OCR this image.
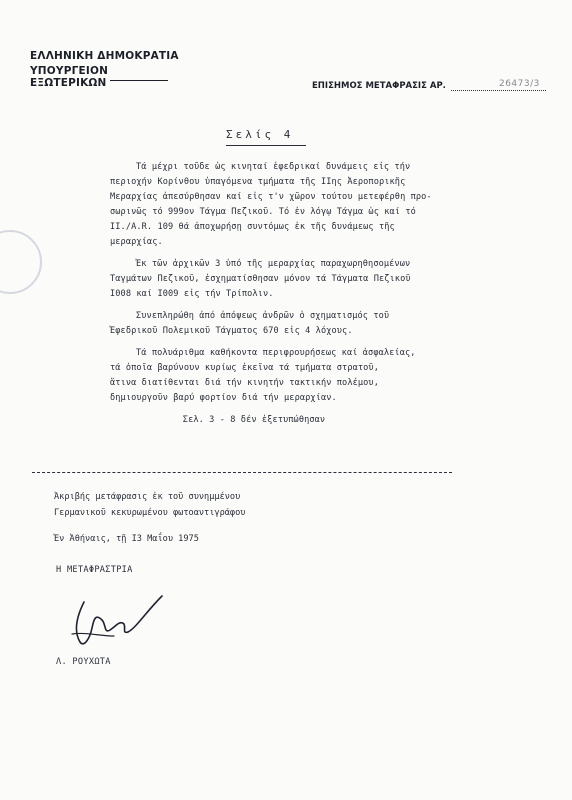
ΕΛΛΗΝΙΚΗ ΔΗΜΟΚΡΑΤΙΑ
ΥΠΟΥΡΓΕΙΟΝ ΕΞΩΤΕΡΙΚΩΝ	ΕΠΙΣΗΜΟΣ ΜΕΤΑΦΡΑΣΙΣ ΑΡ.	26473/3
Σελίς 4
Τά μέχρι τοῦδε ὡς κινηταί ἐφεδρικαί δυνάμεις εἰς τήν
περιοχήν Κορίνθου ὑπαγόμενα τμήματα τῆς IIης Ἀεροπορικῆς
Μεραρχίας ἀπεσύρθησαν καί εἰς τ'ν χῶρον τούτου μετεφέρθη προ-
σωρινῶς τό 999ον Τάγμα Πεζικοῦ. Τό ἐν λόγῳ Τάγμα ὡς καί τό
II./A.R. 109 θά ἀποχωρήσῃ συντόμως ἐκ τῆς δυνάμεως τῆς
μεραρχίας.
Ἐκ τῶν ἀρχικῶν 3 ὑπό τῆς μεραρχίας παραχωρηθησομένων
Ταγμάτων Πεζικοῦ, ἐσχηματίσθησαν μόνον τά Τάγματα Πεζικοῦ
I008 καί I009 εἰς τήν Τρίπολιν.
Συνεπληρώθη ἀπό ἀπόψεως ἀνδρῶν ὁ σχηματισμός τοῦ
Ἐφεδρικοῦ Πολεμικοῦ Τάγματος 670 εἰς 4 λόχους.
Τά πολυάριθμα καθήκοντα περιφρουρήσεως καί ἀσφαλείας,
τά ὁποῖα βαρύνουν κυρίως ἐκεῖνα τά τμήματα στρατοῦ,
ἅτινα διατίθενται διά τήν κινητήν τακτικήν πολέμου,
δημιουργοῦν βαρύ φορτίον διά τήν μεραρχίαν.
Σελ. 3 - 8 δέν ἐξετυπώθησαν
Ἀκριβής μετάφρασις ἐκ τοῦ συνημμένου
Γερμανικοῦ κεκυρωμένου φωτοαντιγράφου
Ἐν Ἀθήναις, τῇ I3 Μαΐου 1975
Η ΜΕΤΑΦΡΑΣΤΡΙΑ
Λ. ΡΟΥΧΩΤΑ
